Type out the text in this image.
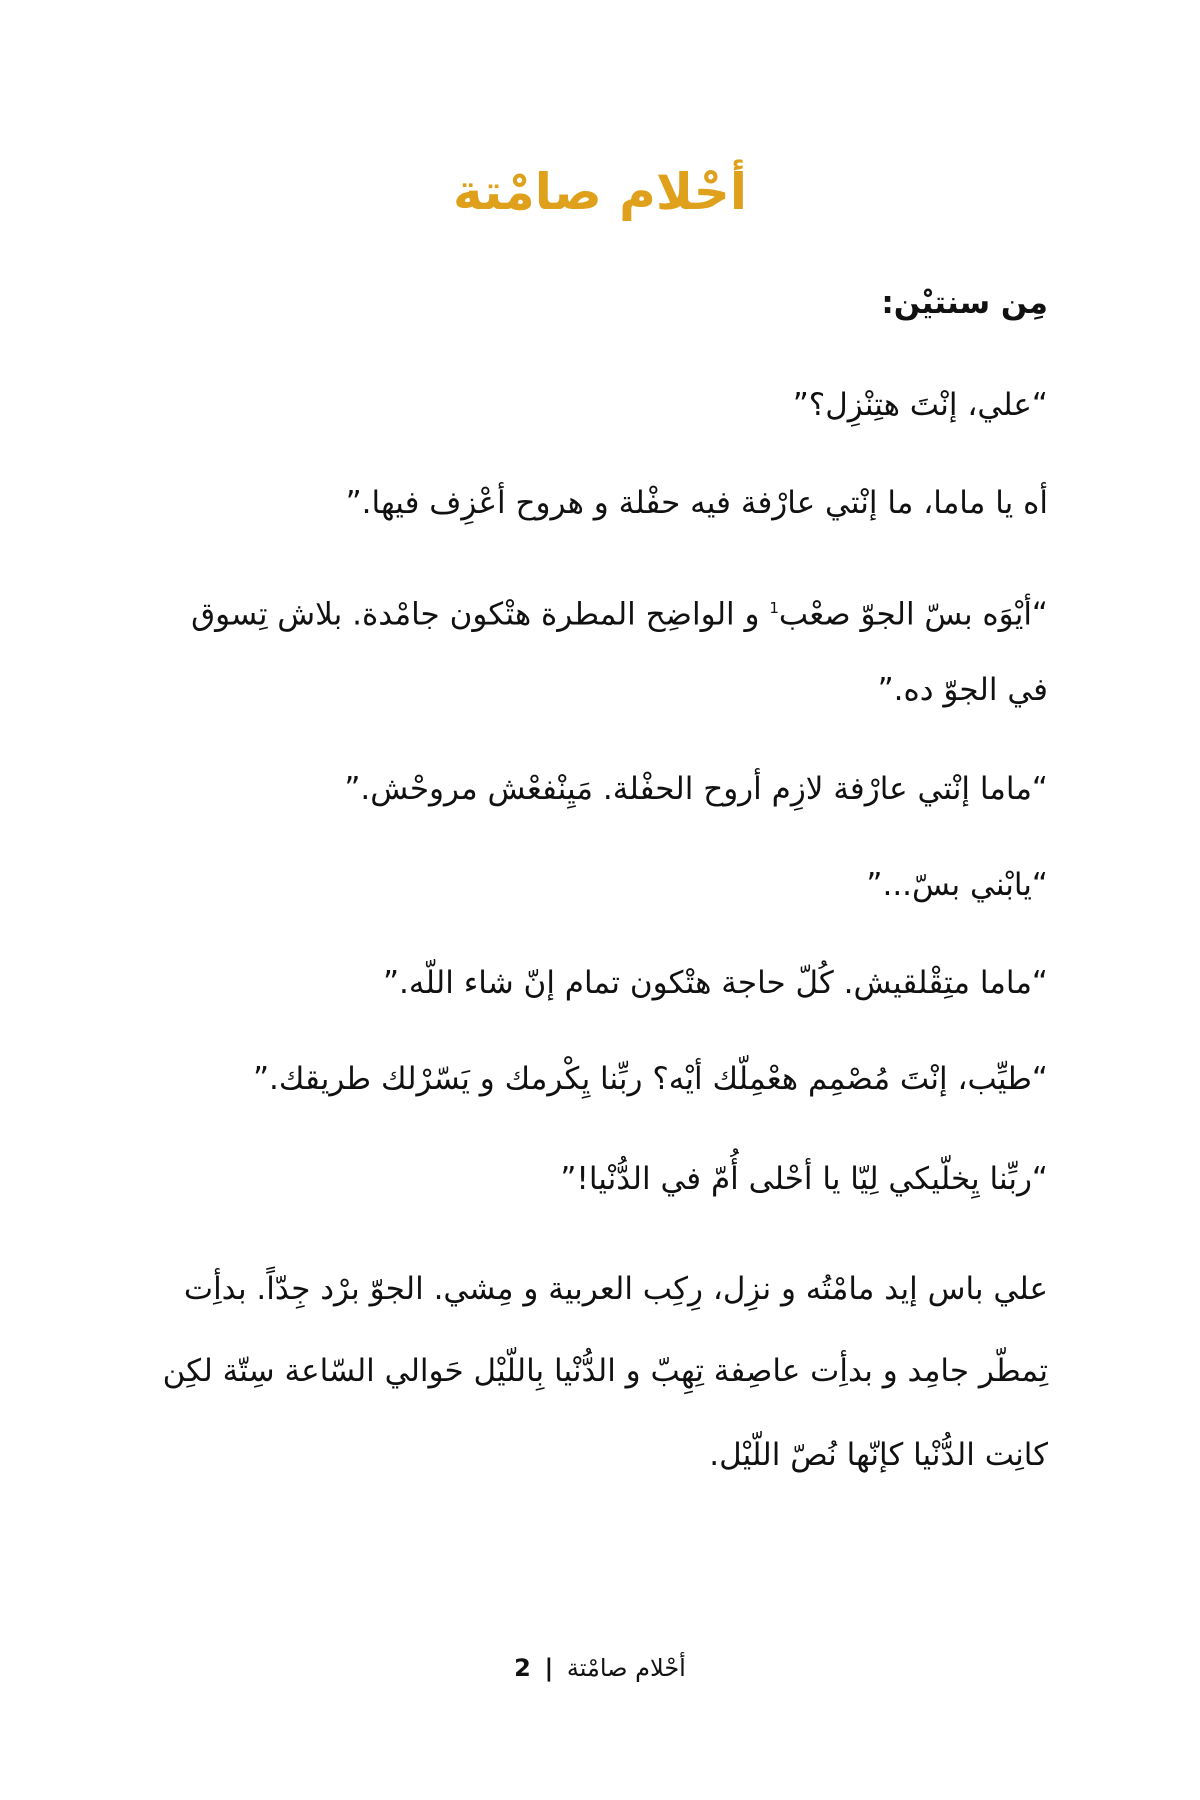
أحْلام صامْتة
من سنتين:
“علي، إنت هتنزل؟”
أه يا ماما، ما إنتي عارفة فيه حفلة و هروح أعزف فيها.”
“أيوه بس الجو صعب$^1$ و الواضح المطرة هتكون جامدة. بلاش تسوق
في الجو ده.”
“ماما إنتي عارفة لازم أروح الحفلة. مينفعش مروحش.”
“يابني بس...”
“ماما متقلقيش. كل حاجة هتكون تمام إن شاء الله.”
“طيب، إنت مصمم هعملك أيه؟ ربنا يكرمك و يسرلك طريقك.”
“ربنا يخليكي ليا يا أحلى أم في الدنيا!”
علي باس إيد مامته و نزل، ركب العربية و مشي. الجو برد جدا. بدأت
تمطر جامد و بدأت عاصفة تهب و الدنيا بالليل حوالي الساعة ستة لكن
كانت الدنيا كإنها نص الليل.
أحلام صامتة | 2
